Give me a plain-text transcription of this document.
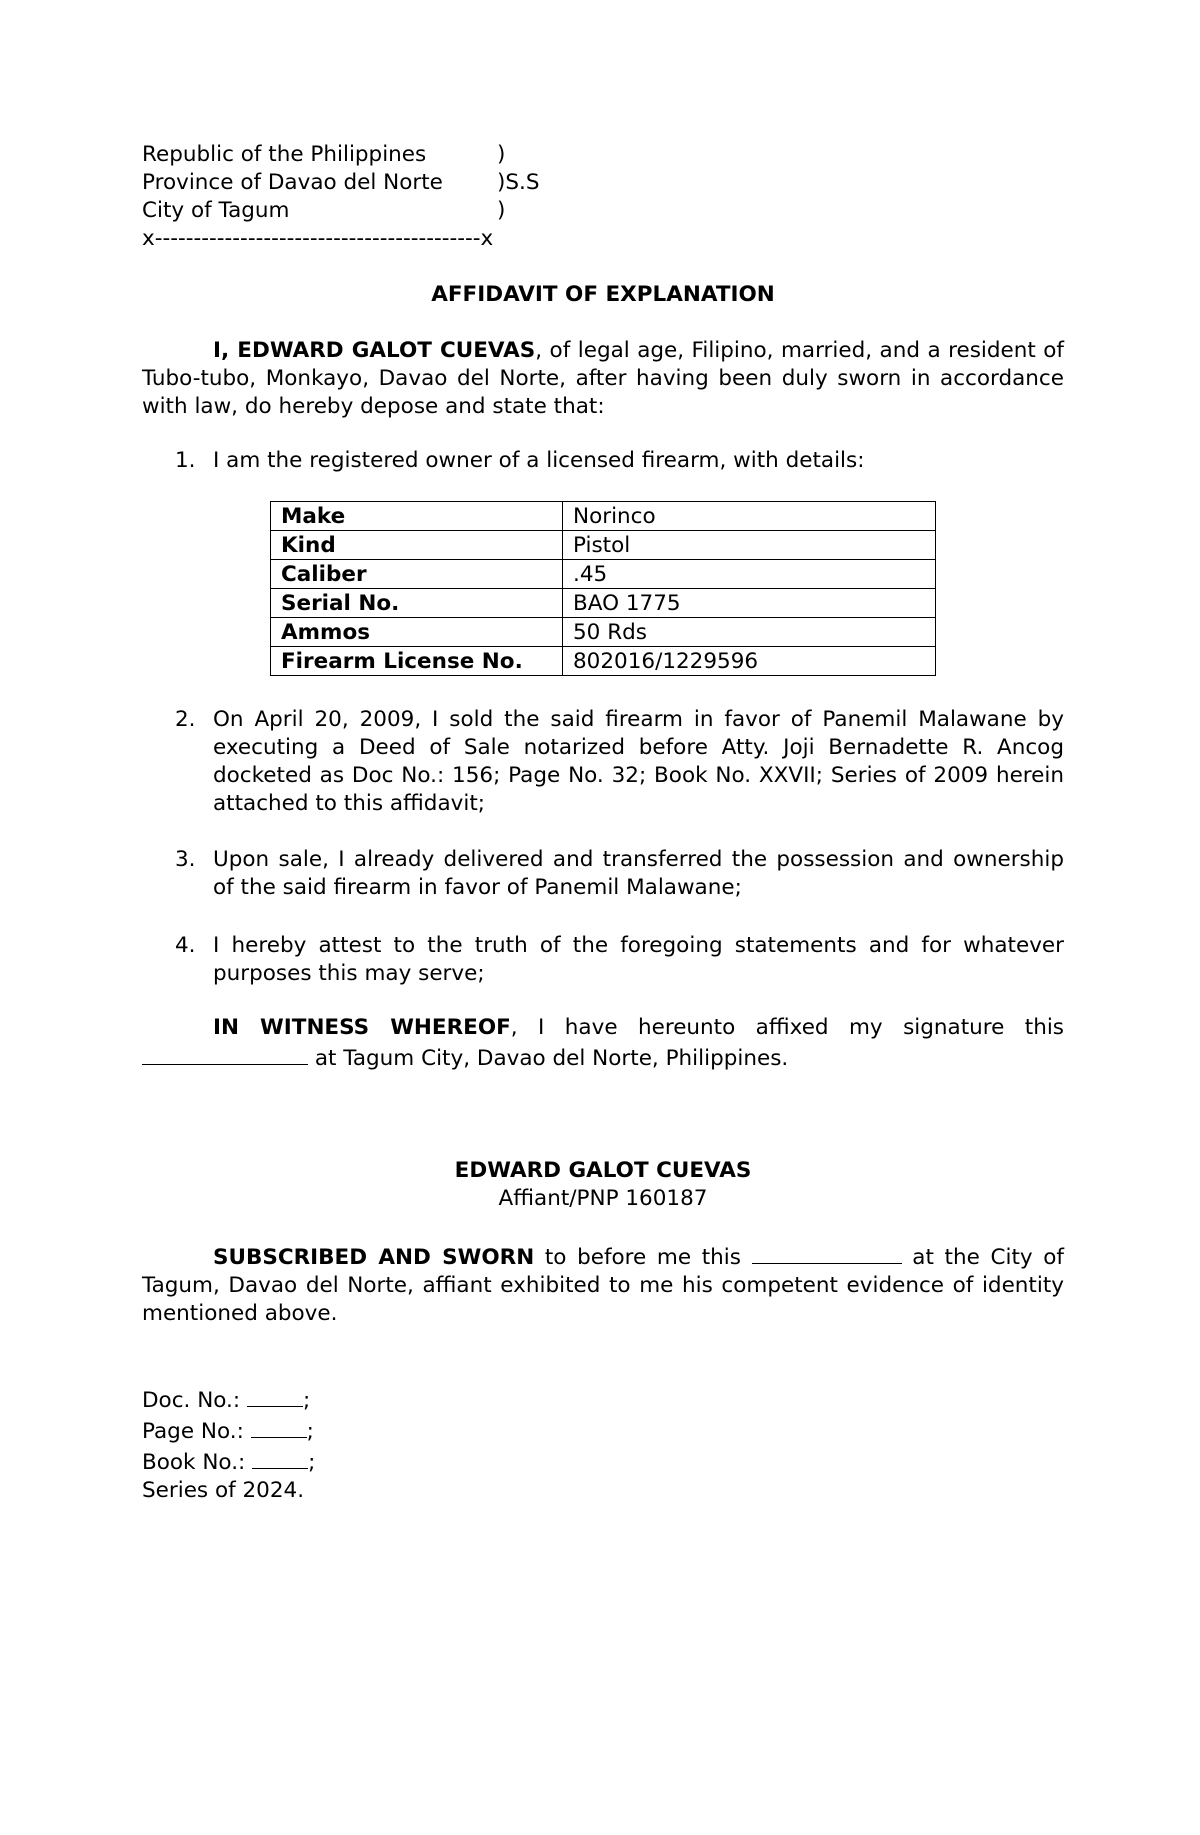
Republic of the Philippines	)
Province of Davao del Norte	)S.S
City of Tagum	)
x------------------------------------------x
AFFIDAVIT OF EXPLANATION

I, EDWARD GALOT CUEVAS, of legal age, Filipino, married, and a resident of Tubo-tubo, Monkayo, Davao del Norte, after having been duly sworn in accordance with law, do hereby depose and state that:

1. I am the registered owner of a licensed firearm, with details:
Make	Norinco
Kind	Pistol
Caliber	.45
Serial No.	BAO 1775
Ammos	50 Rds
Firearm License No.	802016/1229596
2. On April 20, 2009, I sold the said firearm in favor of Panemil Malawane by executing a Deed of Sale notarized before Atty. Joji Bernadette R. Ancog docketed as Doc No.: 156; Page No. 32; Book No. XXVII; Series of 2009 herein attached to this affidavit;
3. Upon sale, I already delivered and transferred the possession and ownership of the said firearm in favor of Panemil Malawane;
4. I hereby attest to the truth of the foregoing statements and for whatever purposes this may serve;

IN WITNESS WHEREOF, I have hereunto affixed my signature this  at Tagum City, Davao del Norte, Philippines.

EDWARD GALOT CUEVAS
Affiant/PNP 160187

SUBSCRIBED AND SWORN to before me this	at the City of Tagum, Davao del Norte, affiant exhibited to me his competent evidence of identity mentioned above.

Doc. No.:	;
Page No.:	;
Book No.:	;
Series of 2024.
